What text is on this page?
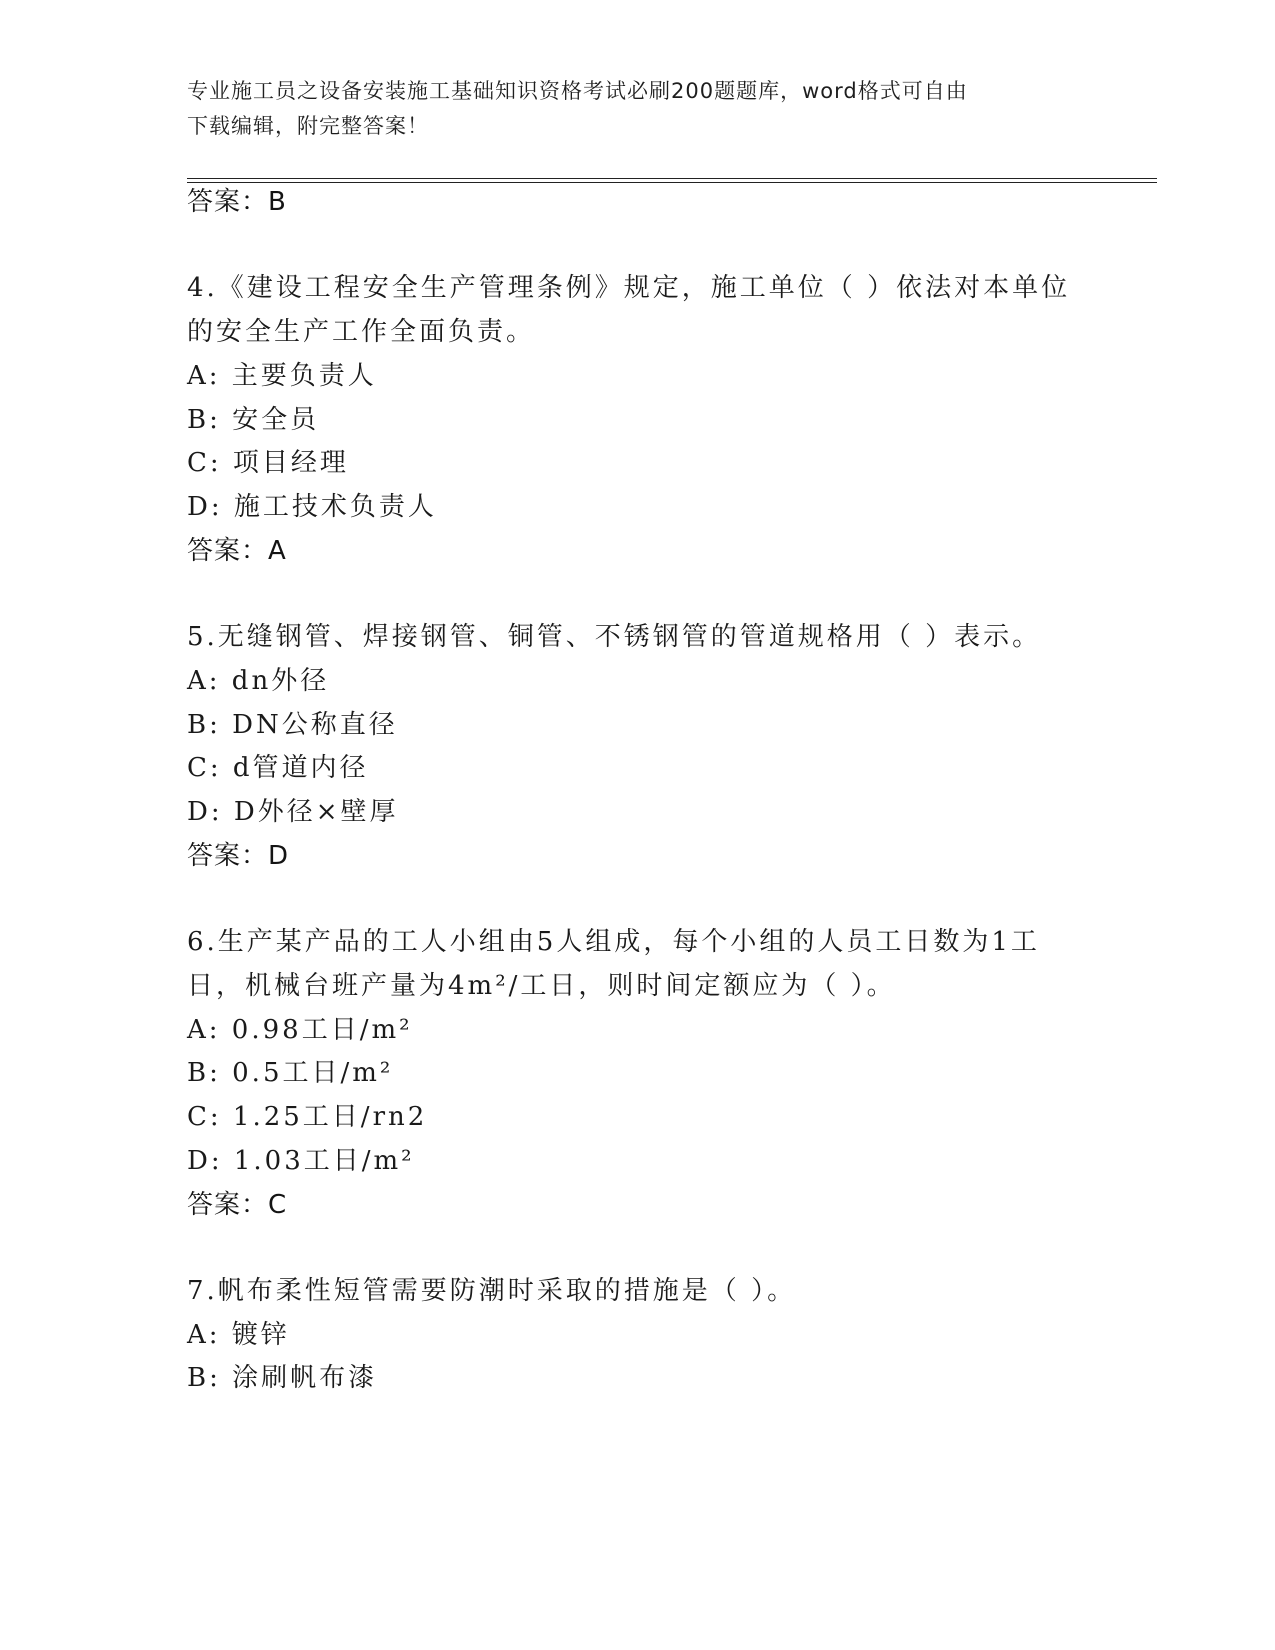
专业施工员之设备安装施工基础知识资格考试必刷200题题库，word格式可自由
下载编辑，附完整答案！
答案：B
4.《建设工程安全生产管理条例》规定，施工单位（ ）依法对本单位
的安全生产工作全面负责。
A: 主要负责人
B: 安全员
C: 项目经理
D: 施工技术负责人
答案：A
5.无缝钢管、焊接钢管、铜管、不锈钢管的管道规格用（ ）表示。
A: dn外径
B: DN公称直径
C: d管道内径
D: D外径×壁厚
答案：D
6.生产某产品的工人小组由5人组成，每个小组的人员工日数为1工
日，机械台班产量为4m²/工日，则时间定额应为（ ）。
A: 0.98工日/m²
B: 0.5工日/m²
C: 1.25工日/rn2
D: 1.03工日/m²
答案：C
7.帆布柔性短管需要防潮时采取的措施是（ ）。
A: 镀锌
B: 涂刷帆布漆
